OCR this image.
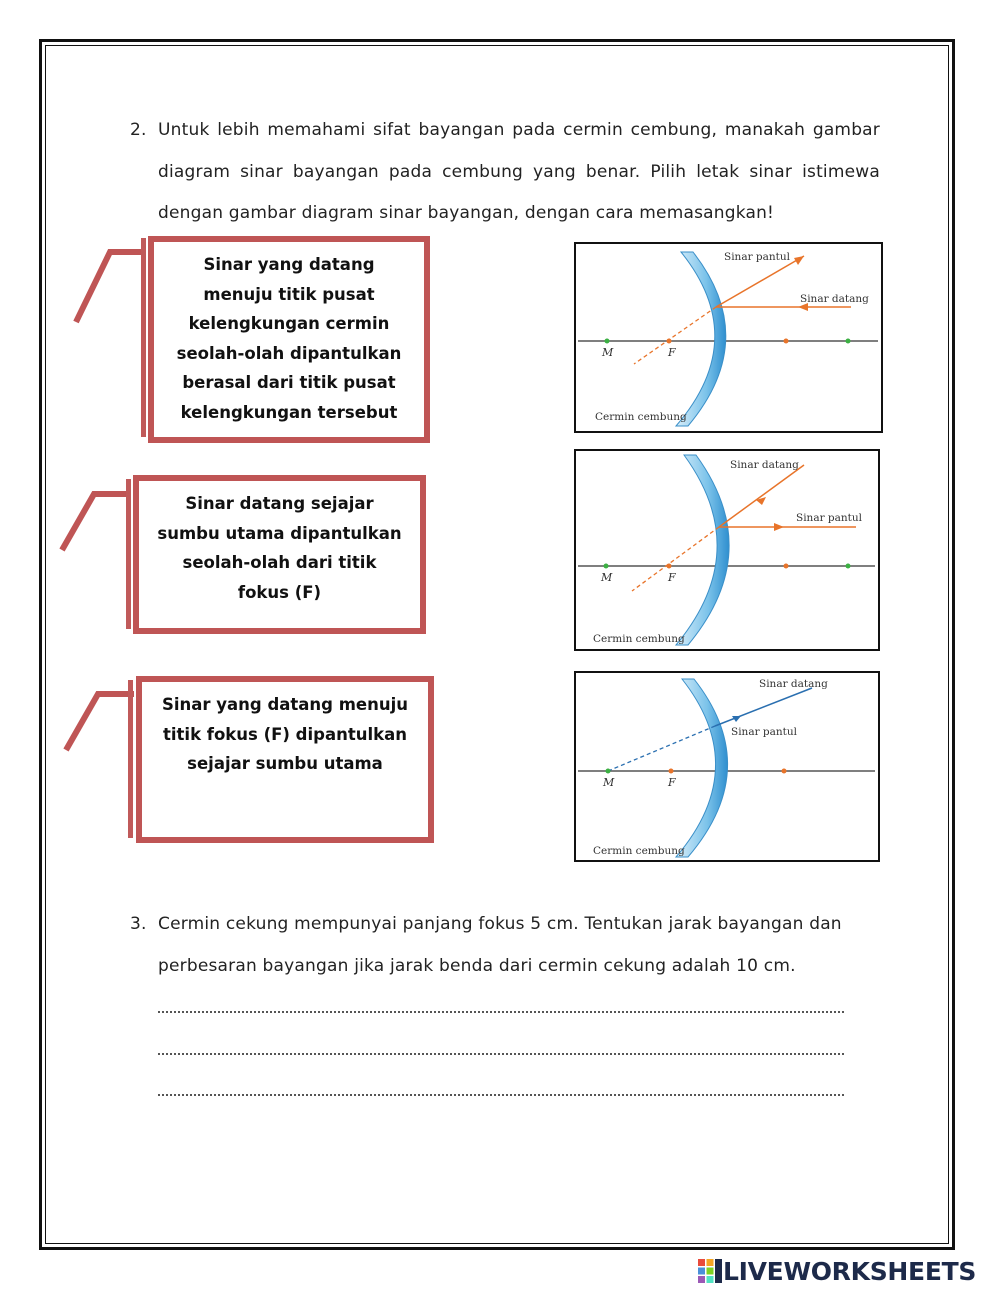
2. Untuk lebih memahami sifat bayangan pada cermin cembung, manakah gambar
diagram sinar bayangan pada cembung yang benar. Pilih letak sinar istimewa
dengan gambar diagram sinar bayangan, dengan cara memasangkan!
Sinar yang datang
menuju titik pusat
kelengkungan cermin
seolah-olah dipantulkan
berasal dari titik pusat
kelengkungan tersebut
Sinar datang sejajar
sumbu utama dipantulkan
seolah-olah dari titik
fokus (F)
Sinar yang datang menuju
titik fokus (F) dipantulkan
sejajar sumbu utama
Sinar pantul
Sinar datang
M	F
Cermin cembung
Sinar datang
Sinar pantul
M	F
Cermin cembung
Sinar datang
Sinar pantul
M	F
Cermin cembung
3. Cermin cekung mempunyai panjang fokus 5 cm. Tentukan jarak bayangan dan
perbesaran bayangan jika jarak benda dari cermin cekung adalah 10 cm.
LIVEWORKSHEETS
